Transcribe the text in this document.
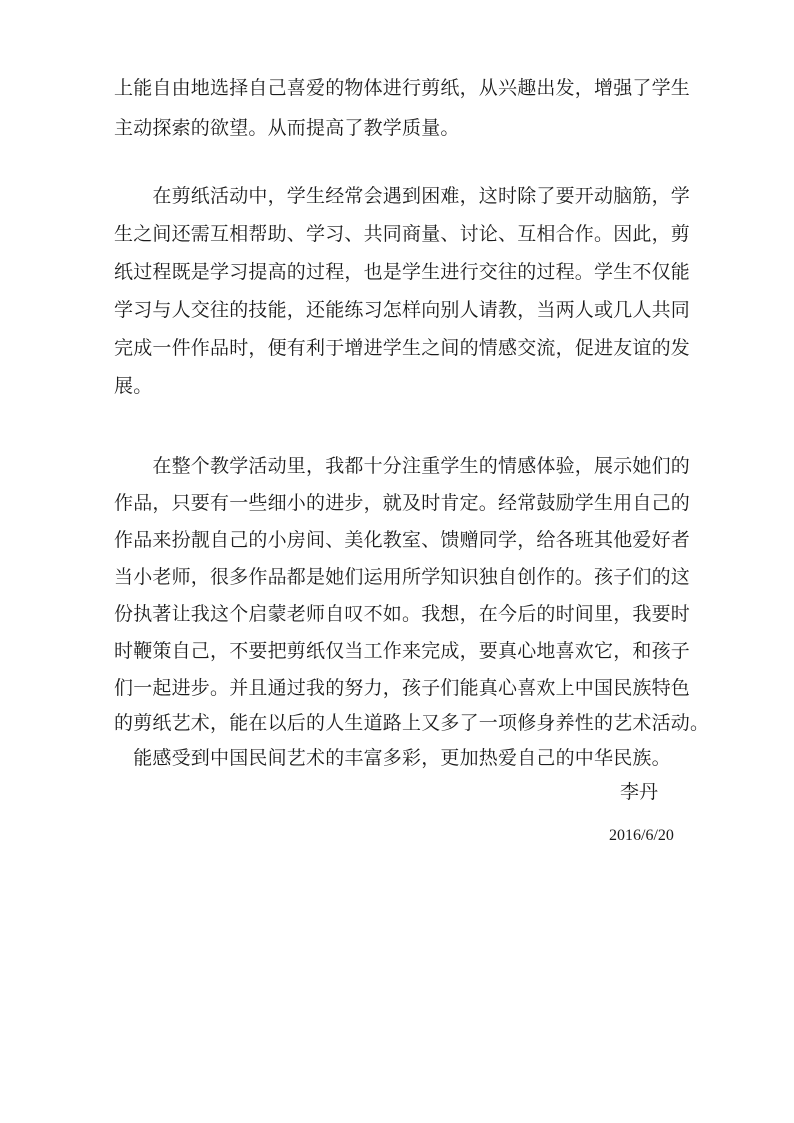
上能自由地选择自己喜爱的物体进行剪纸，从兴趣出发，增强了学生
主动探索的欲望。从而提高了教学质量。
　　在剪纸活动中，学生经常会遇到困难，这时除了要开动脑筋，学
生之间还需互相帮助、学习、共同商量、讨论、互相合作。因此，剪
纸过程既是学习提高的过程，也是学生进行交往的过程。学生不仅能
学习与人交往的技能，还能练习怎样向别人请教，当两人或几人共同
完成一件作品时，便有利于增进学生之间的情感交流，促进友谊的发
展。
　　在整个教学活动里，我都十分注重学生的情感体验，展示她们的
作品，只要有一些细小的进步，就及时肯定。经常鼓励学生用自己的
作品来扮靓自己的小房间、美化教室、馈赠同学，给各班其他爱好者
当小老师，很多作品都是她们运用所学知识独自创作的。孩子们的这
份执著让我这个启蒙老师自叹不如。我想，在今后的时间里，我要时
时鞭策自己，不要把剪纸仅当工作来完成，要真心地喜欢它，和孩子
们一起进步。并且通过我的努力，孩子们能真心喜欢上中国民族特色
的剪纸艺术，能在以后的人生道路上又多了一项修身养性的艺术活动。
　能感受到中国民间艺术的丰富多彩，更加热爱自己的中华民族。
李丹
2016/6/20
